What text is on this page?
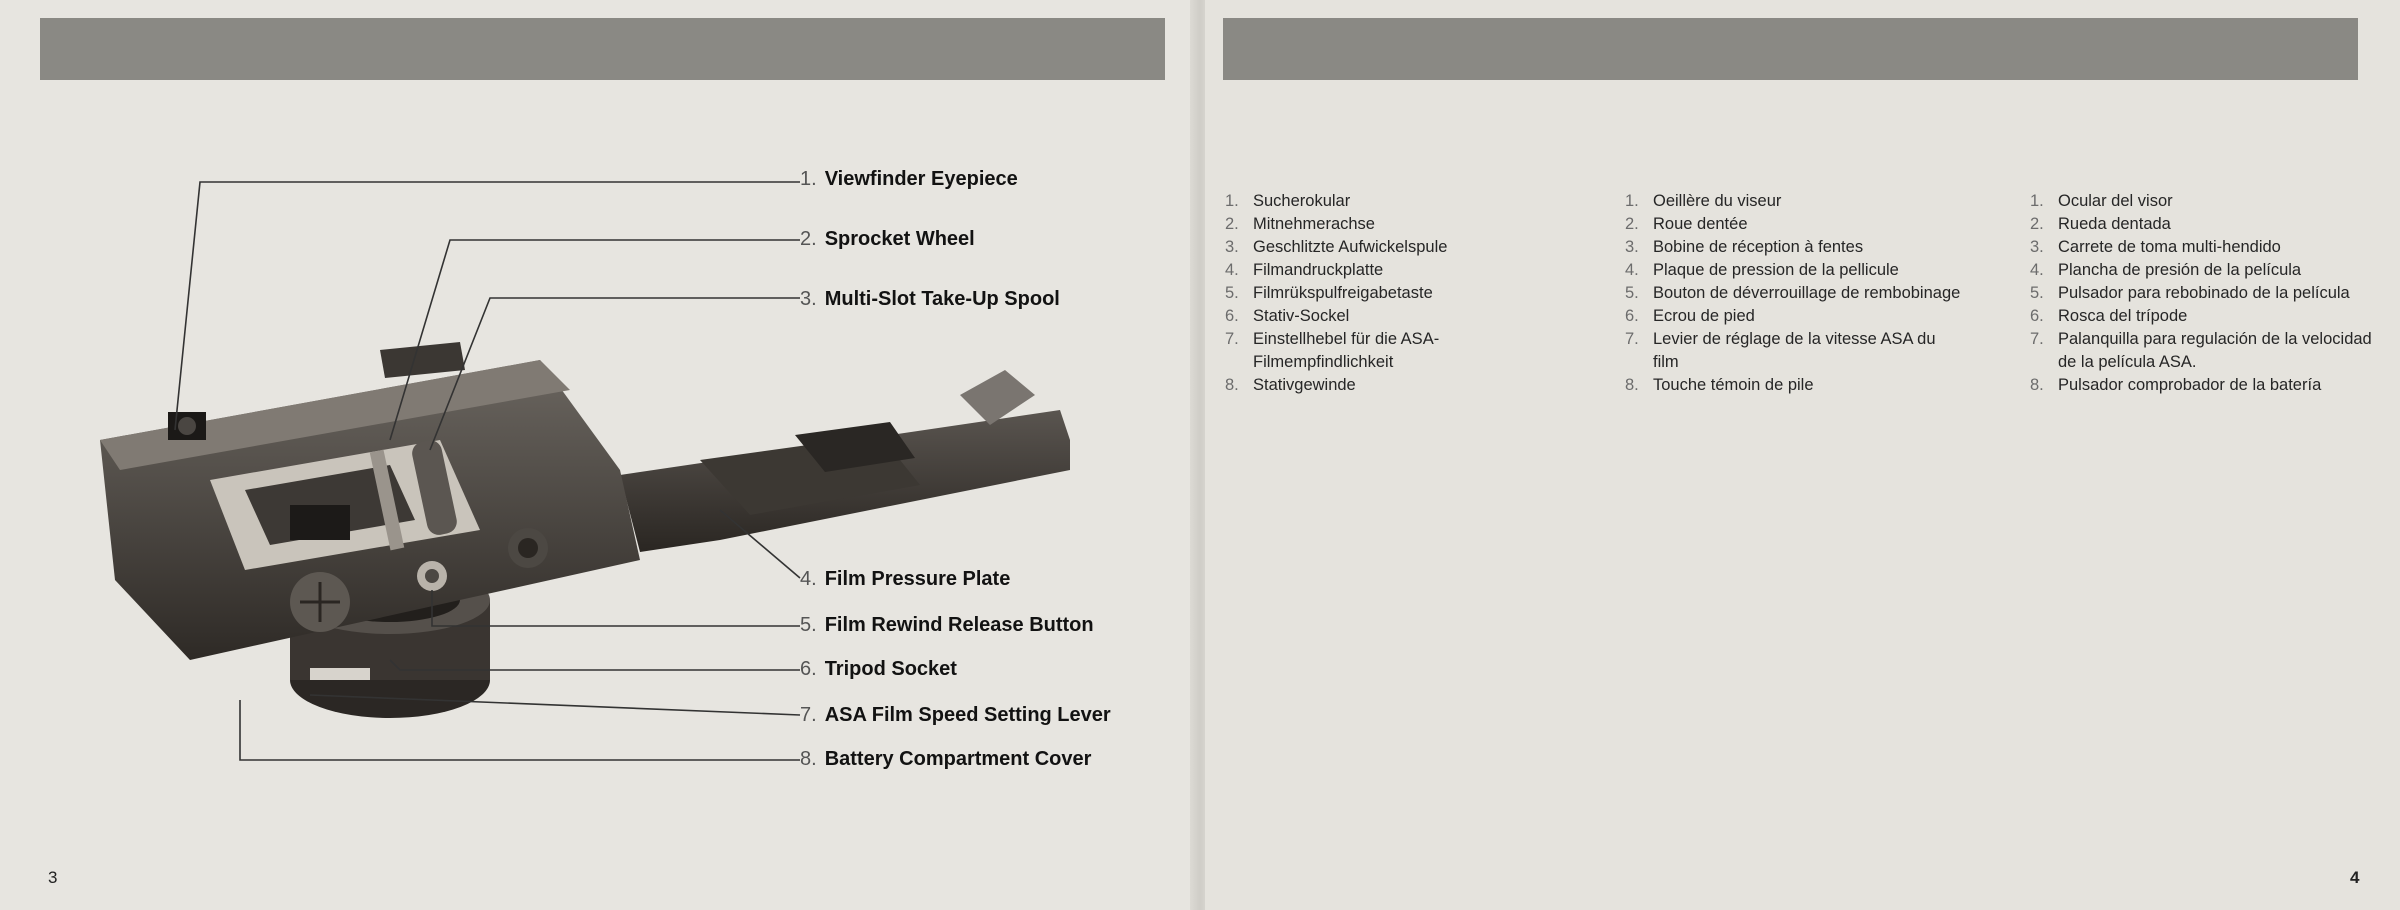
1. Viewfinder Eyepiece
2. Sprocket Wheel
3. Multi-Slot Take-Up Spool
4. Film Pressure Plate
5. Film Rewind Release Button
6. Tripod Socket
7. ASA Film Speed Setting Lever
8. Battery Compartment Cover
1. Sucherokular
2. Mitnehmerachse
3. Geschlitzte Aufwickelspule
4. Filmandruckplatte
5. Filmrükspulfreigabetaste
6. Stativ-Sockel
7. Einstellhebel für die ASA-Filmempfindlichkeit
8. Stativgewinde
1. Oeillère du viseur
2. Roue dentée
3. Bobine de réception à fentes
4. Plaque de pression de la pellicule
5. Bouton de déverrouillage de rembobinage
6. Ecrou de pied
7. Levier de réglage de la vitesse ASA du film
8. Touche témoin de pile
1. Ocular del visor
2. Rueda dentada
3. Carrete de toma multi-hendido
4. Plancha de presión de la película
5. Pulsador para rebobinado de la película
6. Rosca del trípode
7. Palanquilla para regulación de la velocidad de la película ASA.
8. Pulsador comprobador de la batería
3	4
